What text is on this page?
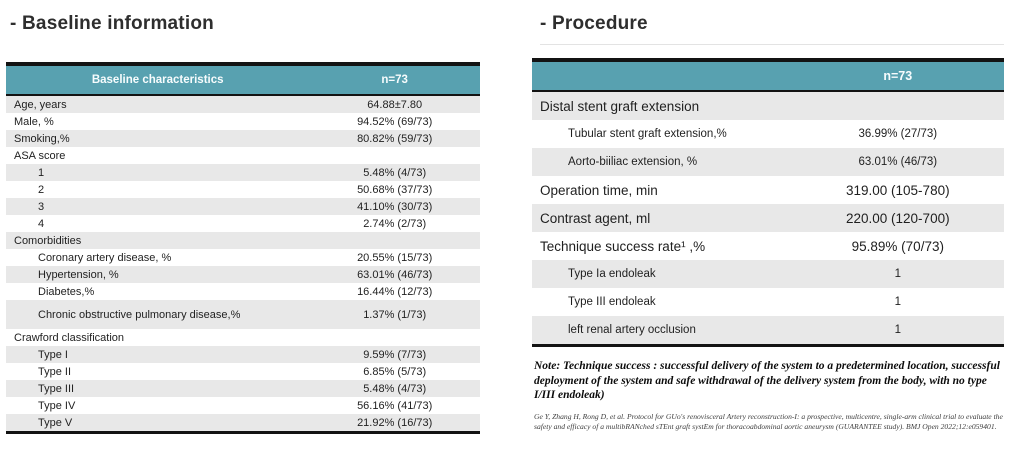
- Baseline information
Baseline characteristics	n=73
Age, years	64.88±7.80
Male, %	94.52% (69/73)
Smoking,%	80.82% (59/73)
ASA score	
1	5.48% (4/73)
2	50.68% (37/73)
3	41.10% (30/73)
4	2.74% (2/73)
Comorbidities	
Coronary artery disease, %	20.55% (15/73)
Hypertension, %	63.01% (46/73)
Diabetes,%	16.44% (12/73)
Chronic obstructive pulmonary disease,%	1.37% (1/73)
Crawford classification	
Type I	9.59% (7/73)
Type II	6.85% (5/73)
Type III	5.48% (4/73)
Type IV	56.16% (41/73)
Type V	21.92% (16/73)
- Procedure
	n=73
Distal stent graft extension	
Tubular stent graft extension,%	36.99% (27/73)
Aorto-biiliac extension, %	63.01% (46/73)
Operation time, min	319.00 (105-780)
Contrast agent, ml	220.00 (120-700)
Technique success rate¹ ,%	95.89% (70/73)
Type Ia endoleak	1
Type III endoleak	1
left renal artery occlusion	1

Note: Technique success : successful delivery of the system to a predetermined location, successful deployment of the system and safe withdrawal of the delivery system from the body, with no type I/III endoleak)

Ge Y, Zhang H, Rong D, et al. Protocol for GUo's renovisceral Artery reconstruction-I: a prospective, multicentre, single-arm clinical trial to evaluate the safety and efficacy of a multibRANched sTEnt graft systEm for thoracoabdominal aortic aneurysm (GUARANTEE study). BMJ Open 2022;12:e059401.
